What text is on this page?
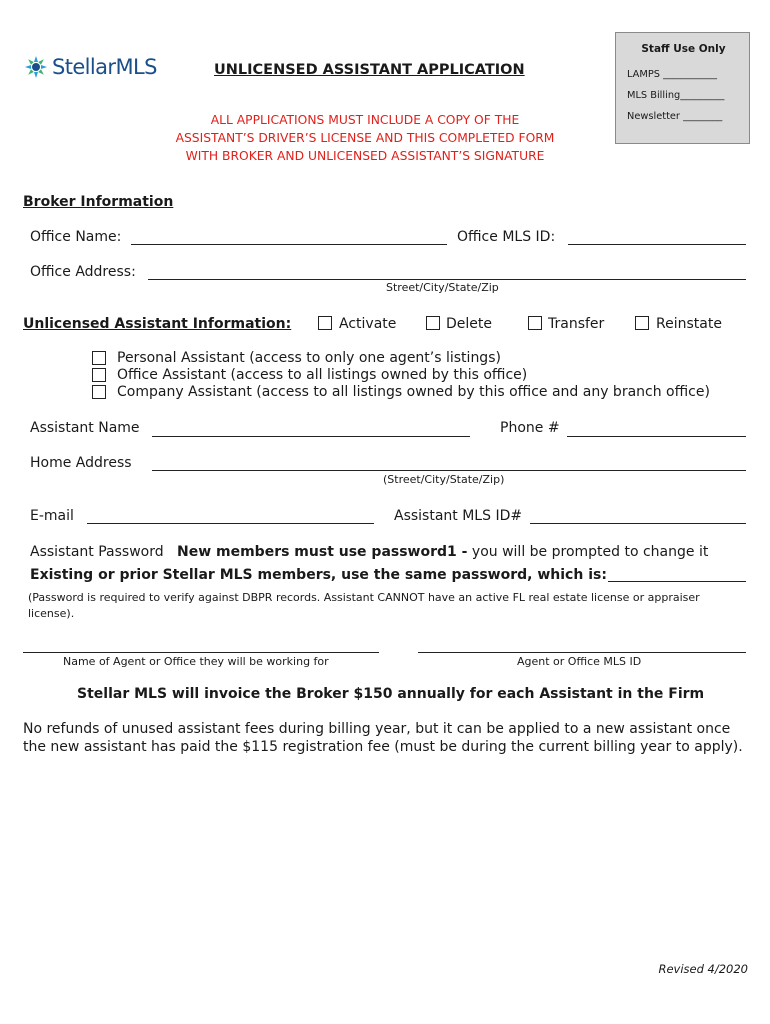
StellarMLS	UNLICENSED ASSISTANT APPLICATION
Staff Use Only
LAMPS ___________
MLS Billing_________
Newsletter ________
ALL APPLICATIONS MUST INCLUDE A COPY OF THE
ASSISTANT’S DRIVER’S LICENSE AND THIS COMPLETED FORM
WITH BROKER AND UNLICENSED ASSISTANT’S SIGNATURE
Broker Information
Office Name:	Office MLS ID:
Office Address:
Street/City/State/Zip
Unlicensed Assistant Information:	Activate	Delete	Transfer	Reinstate
Personal Assistant (access to only one agent’s listings)
Office Assistant (access to all listings owned by this office)
Company Assistant (access to all listings owned by this office and any branch office)
Assistant Name	Phone #
Home Address
(Street/City/State/Zip)
E-mail	Assistant MLS ID#
Assistant Password New members must use password1 - you will be prompted to change it
Existing or prior Stellar MLS members, use the same password, which is:
(Password is required to verify against DBPR records. Assistant CANNOT have an active FL real estate license or appraiser
license).
Name of Agent or Office they will be working for	Agent or Office MLS ID
Stellar MLS will invoice the Broker $150 annually for each Assistant in the Firm
No refunds of unused assistant fees during billing year, but it can be applied to a new assistant once
the new assistant has paid the $115 registration fee (must be during the current billing year to apply).
Revised 4/2020
